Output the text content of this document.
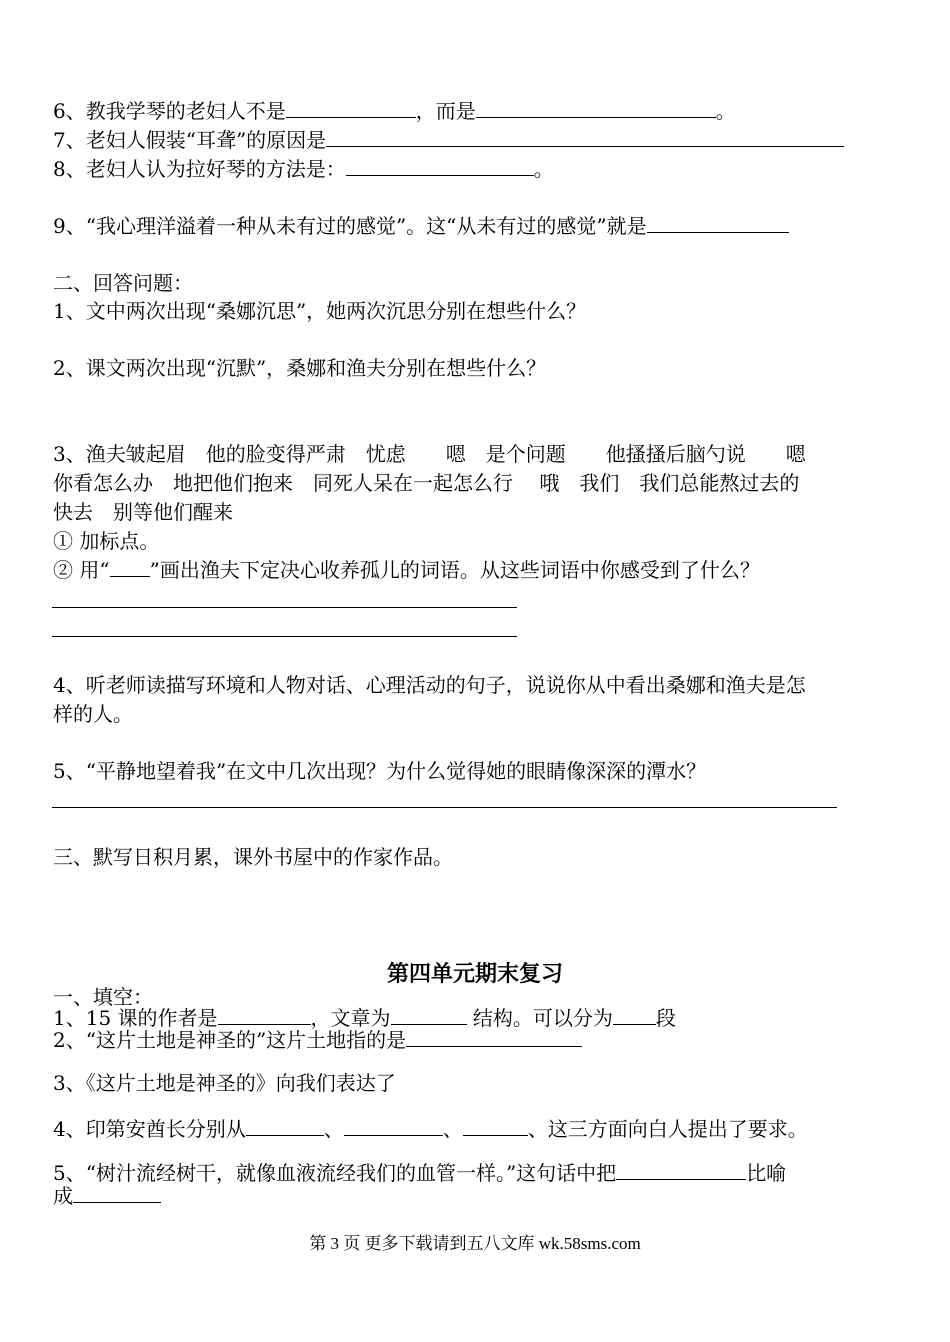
6、教我学琴的老妇人不是	，而是	。
7、老妇人假装“耳聋”的原因是
8、老妇人认为拉好琴的方法是：	。
9、“我心理洋溢着一种从未有过的感觉”。这“从未有过的感觉”就是
二、回答问题：
1、文中两次出现“桑娜沉思”，她两次沉思分别在想些什么？
2、课文两次出现“沉默”，桑娜和渔夫分别在想些什么？
3、渔夫皱起眉　他的脸变得严肃　忧虑　　嗯　是个问题　　他搔搔后脑勺说　　嗯
你看怎么办　地把他们抱来　同死人呆在一起怎么行　 哦　我们　我们总能熬过去的
快去　别等他们醒来
① 加标点。
② 用“ ”画出渔夫下定决心收养孤儿的词语。从这些词语中你感受到了什么？
4、听老师读描写环境和人物对话、心理活动的句子，说说你从中看出桑娜和渔夫是怎
样的人。
5、“平静地望着我”在文中几次出现？为什么觉得她的眼睛像深深的潭水？
三、默写日积月累，课外书屋中的作家作品。
第四单元期末复习
一、填空：
1、15 课的作者是	，文章为	结构。可以分为 段
2、“这片土地是神圣的”这片土地指的是
3、《这片土地是神圣的》向我们表达了
4、印第安酋长分别从	、	、	、这三方面向白人提出了要求。
5、“树汁流经树干，就像血液流经我们的血管一样。”这句话中把	比喻
成
第 3 页 更多下载请到五八文库 wk.58sms.com
